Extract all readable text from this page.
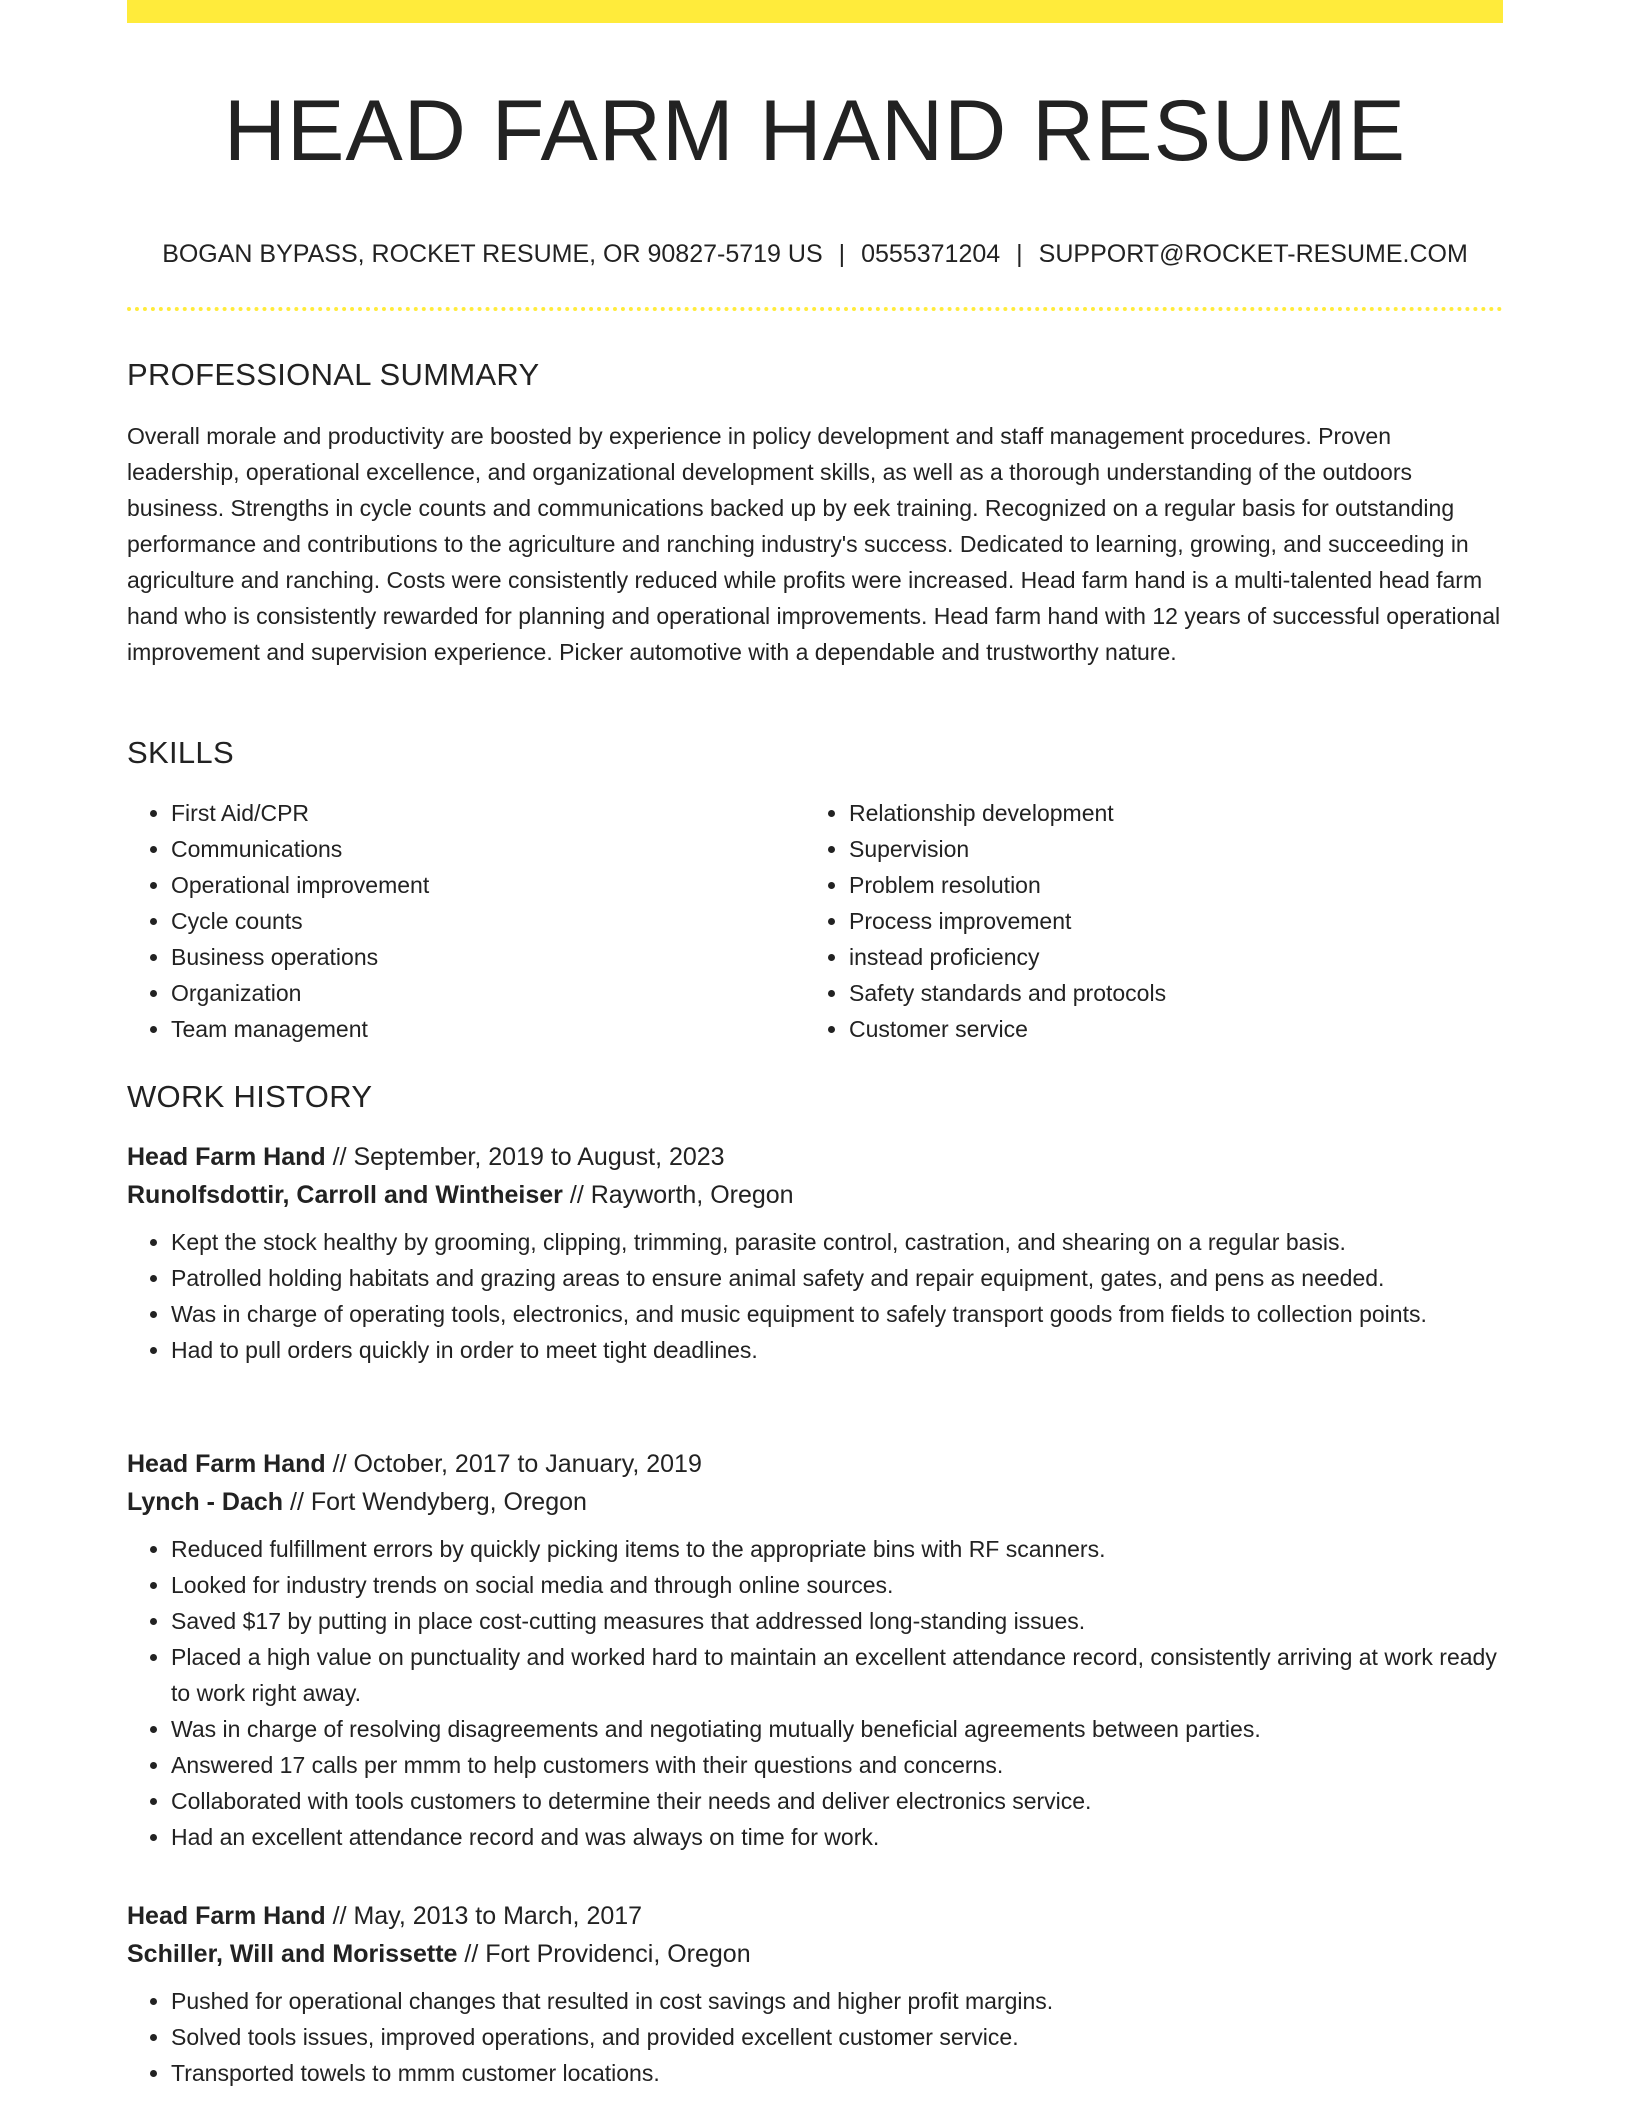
HEAD FARM HAND RESUME
BOGAN BYPASS, ROCKET RESUME, OR 90827-5719 US | 0555371204 | SUPPORT@ROCKET-RESUME.COM
PROFESSIONAL SUMMARY

Overall morale and productivity are boosted by experience in policy development and staff management procedures. Proven leadership, operational excellence, and organizational development skills, as well as a thorough understanding of the outdoors business. Strengths in cycle counts and communications backed up by eek training. Recognized on a regular basis for outstanding performance and contributions to the agriculture and ranching industry's success. Dedicated to learning, growing, and succeeding in agriculture and ranching. Costs were consistently reduced while profits were increased. Head farm hand is a multi-talented head farm hand who is consistently rewarded for planning and operational improvements. Head farm hand with 12 years of successful operational improvement and supervision experience. Picker automotive with a dependable and trustworthy nature.

SKILLS
• First Aid/CPR
• Communications
• Operational improvement
• Cycle counts
• Business operations
• Organization
• Team management
• Relationship development
• Supervision
• Problem resolution
• Process improvement
• instead proficiency
• Safety standards and protocols
• Customer service
WORK HISTORY

Head Farm Hand // September, 2019 to August, 2023

Runolfsdottir, Carroll and Wintheiser // Rayworth, Oregon

• Kept the stock healthy by grooming, clipping, trimming, parasite control, castration, and shearing on a regular basis.
• Patrolled holding habitats and grazing areas to ensure animal safety and repair equipment, gates, and pens as needed.
• Was in charge of operating tools, electronics, and music equipment to safely transport goods from fields to collection points.
• Had to pull orders quickly in order to meet tight deadlines.

Head Farm Hand // October, 2017 to January, 2019

Lynch - Dach // Fort Wendyberg, Oregon

• Reduced fulfillment errors by quickly picking items to the appropriate bins with RF scanners.
• Looked for industry trends on social media and through online sources.
• Saved $17 by putting in place cost-cutting measures that addressed long-standing issues.
• Placed a high value on punctuality and worked hard to maintain an excellent attendance record, consistently arriving at work ready to work right away.
• Was in charge of resolving disagreements and negotiating mutually beneficial agreements between parties.
• Answered 17 calls per mmm to help customers with their questions and concerns.
• Collaborated with tools customers to determine their needs and deliver electronics service.
• Had an excellent attendance record and was always on time for work.

Head Farm Hand // May, 2013 to March, 2017

Schiller, Will and Morissette // Fort Providenci, Oregon

• Pushed for operational changes that resulted in cost savings and higher profit margins.
• Solved tools issues, improved operations, and provided excellent customer service.
• Transported towels to mmm customer locations.
